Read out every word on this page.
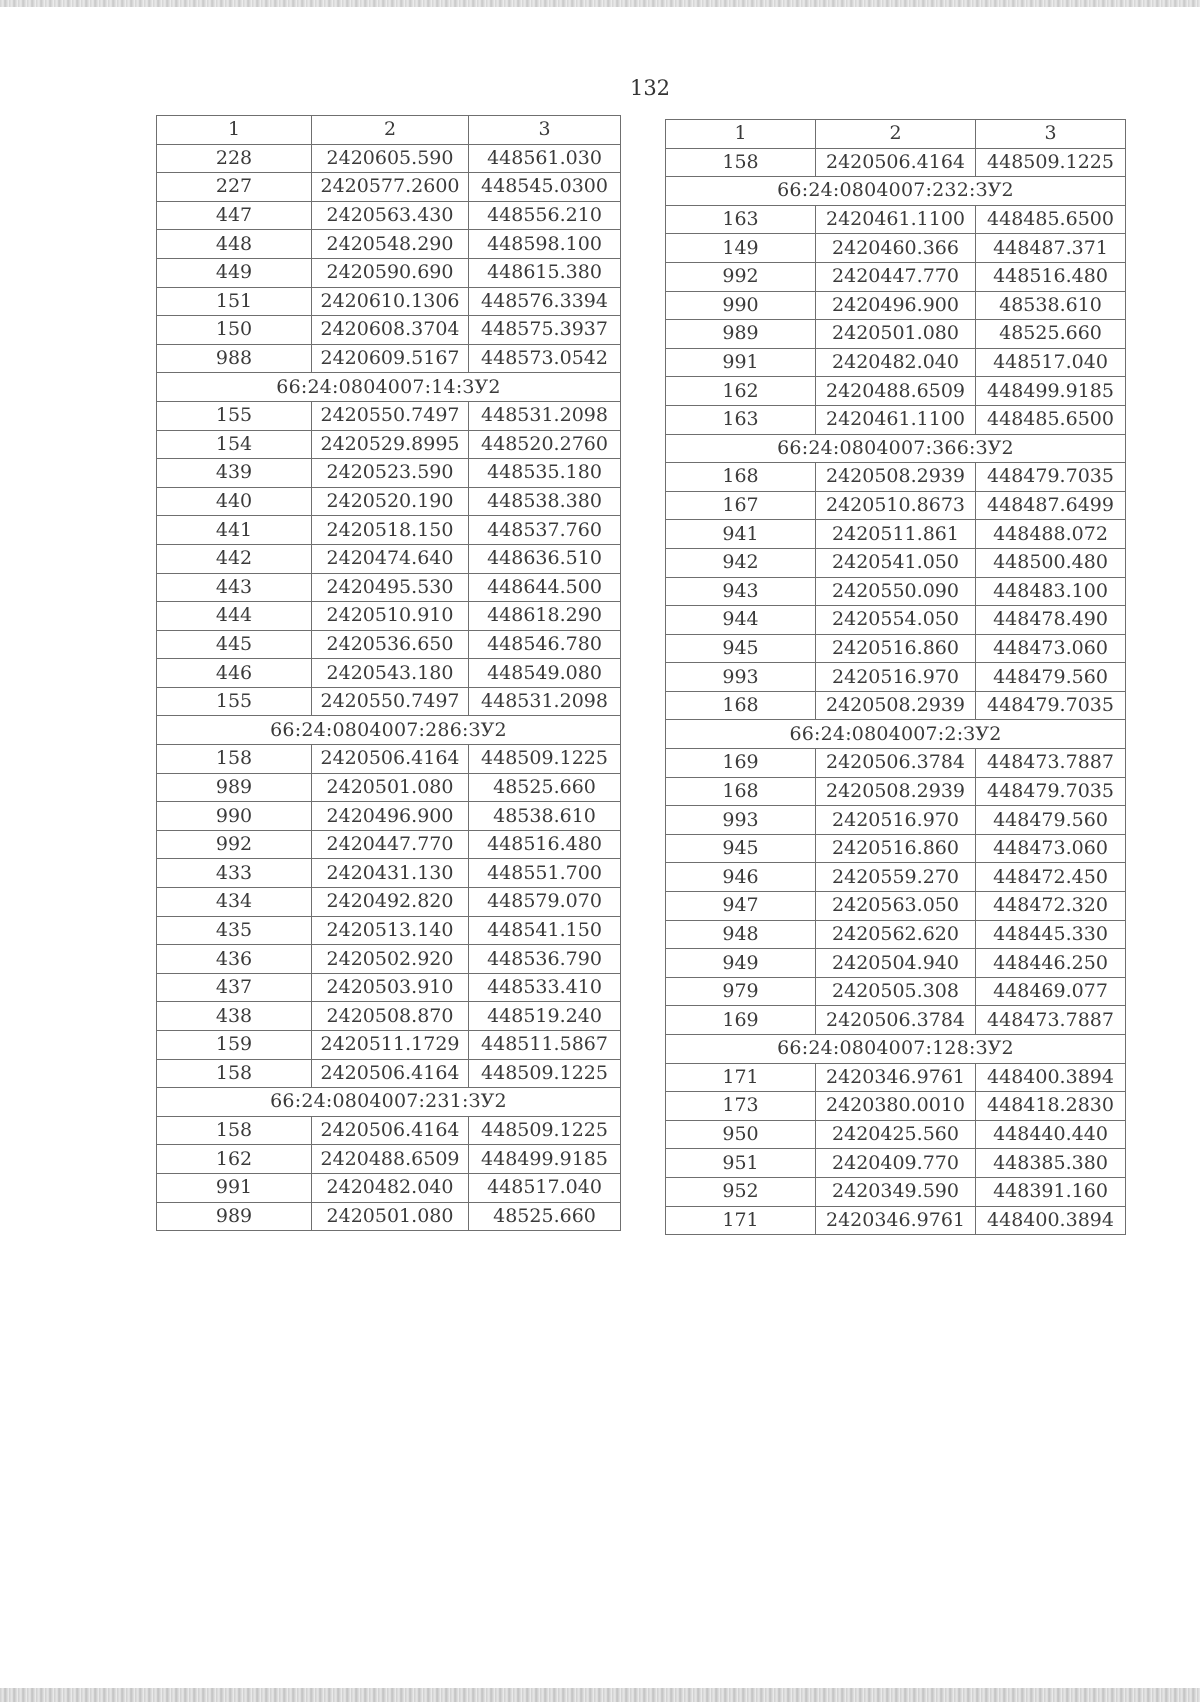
132
1	2	3
228	2420605.590	448561.030
227	2420577.2600	448545.0300
447	2420563.430	448556.210
448	2420548.290	448598.100
449	2420590.690	448615.380
151	2420610.1306	448576.3394
150	2420608.3704	448575.3937
988	2420609.5167	448573.0542
66:24:0804007:14:ЗУ2		
155	2420550.7497	448531.2098
154	2420529.8995	448520.2760
439	2420523.590	448535.180
440	2420520.190	448538.380
441	2420518.150	448537.760
442	2420474.640	448636.510
443	2420495.530	448644.500
444	2420510.910	448618.290
445	2420536.650	448546.780
446	2420543.180	448549.080
155	2420550.7497	448531.2098
66:24:0804007:286:ЗУ2		
158	2420506.4164	448509.1225
989	2420501.080	48525.660
990	2420496.900	48538.610
992	2420447.770	448516.480
433	2420431.130	448551.700
434	2420492.820	448579.070
435	2420513.140	448541.150
436	2420502.920	448536.790
437	2420503.910	448533.410
438	2420508.870	448519.240
159	2420511.1729	448511.5867
158	2420506.4164	448509.1225
66:24:0804007:231:ЗУ2		
158	2420506.4164	448509.1225
162	2420488.6509	448499.9185
991	2420482.040	448517.040
989	2420501.080	48525.660
1	2	3
158	2420506.4164	448509.1225
66:24:0804007:232:ЗУ2		
163	2420461.1100	448485.6500
149	2420460.366	448487.371
992	2420447.770	448516.480
990	2420496.900	48538.610
989	2420501.080	48525.660
991	2420482.040	448517.040
162	2420488.6509	448499.9185
163	2420461.1100	448485.6500
66:24:0804007:366:ЗУ2		
168	2420508.2939	448479.7035
167	2420510.8673	448487.6499
941	2420511.861	448488.072
942	2420541.050	448500.480
943	2420550.090	448483.100
944	2420554.050	448478.490
945	2420516.860	448473.060
993	2420516.970	448479.560
168	2420508.2939	448479.7035
66:24:0804007:2:ЗУ2		
169	2420506.3784	448473.7887
168	2420508.2939	448479.7035
993	2420516.970	448479.560
945	2420516.860	448473.060
946	2420559.270	448472.450
947	2420563.050	448472.320
948	2420562.620	448445.330
949	2420504.940	448446.250
979	2420505.308	448469.077
169	2420506.3784	448473.7887
66:24:0804007:128:ЗУ2		
171	2420346.9761	448400.3894
173	2420380.0010	448418.2830
950	2420425.560	448440.440
951	2420409.770	448385.380
952	2420349.590	448391.160
171	2420346.9761	448400.3894
